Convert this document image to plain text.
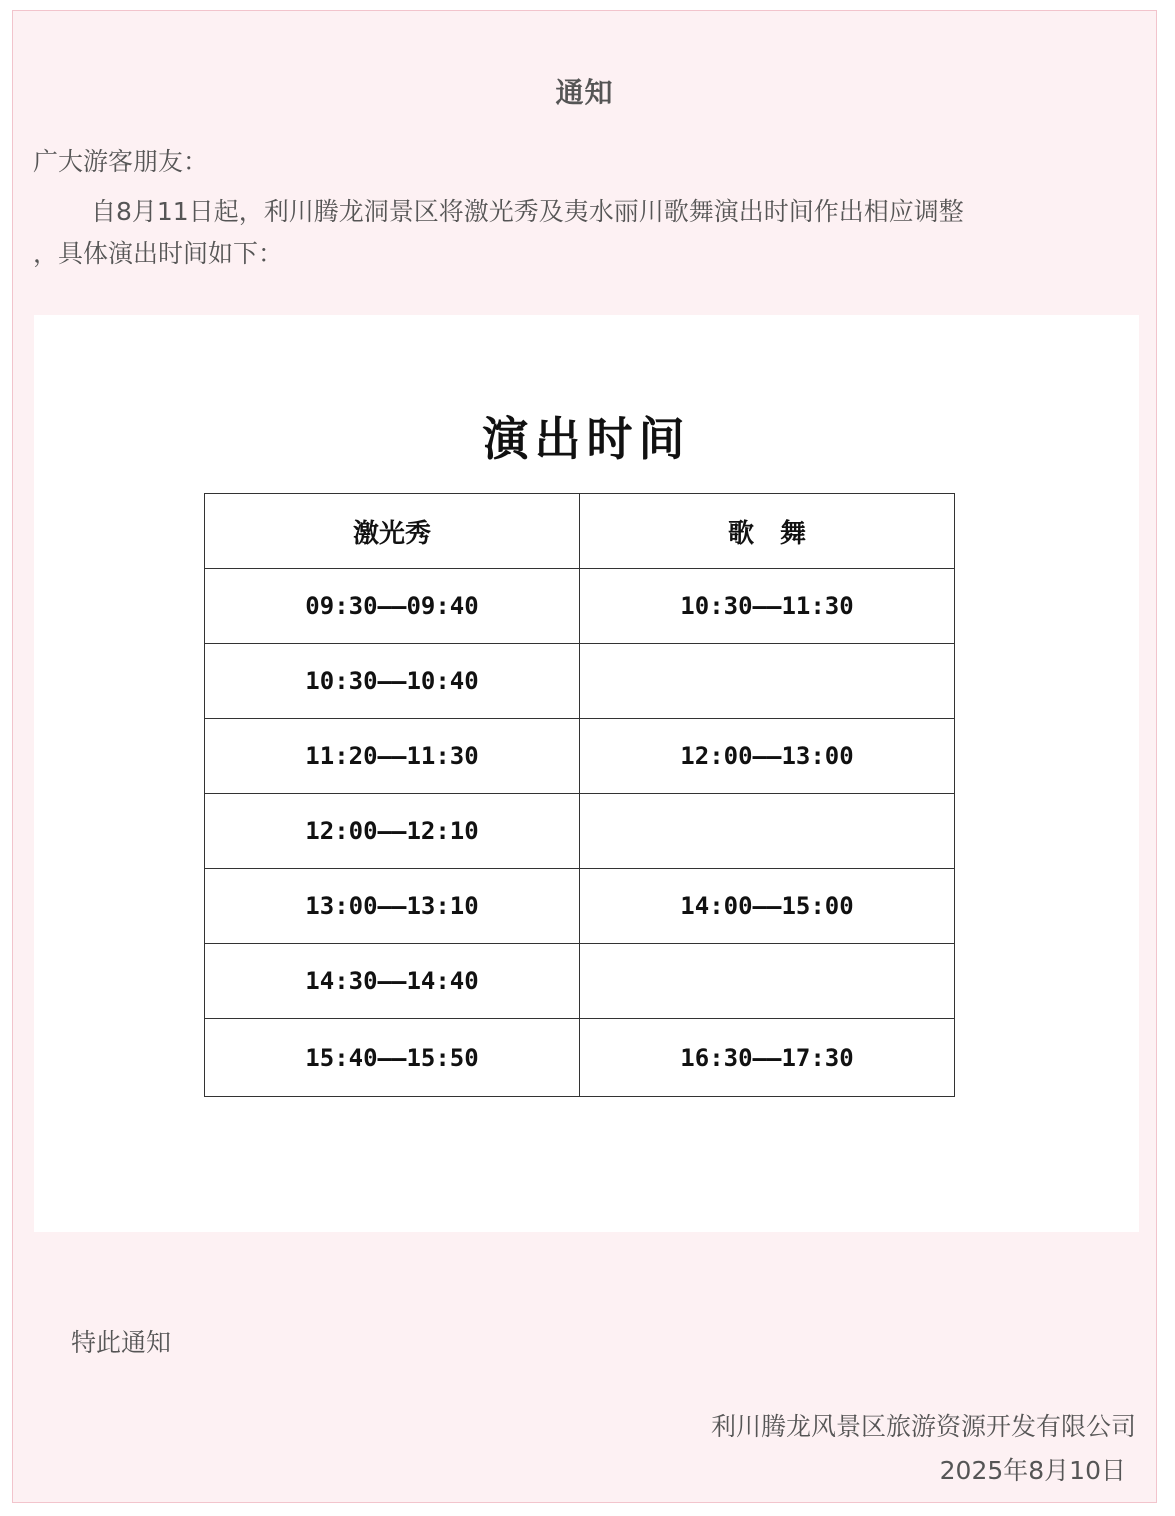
通知
广大游客朋友：
自8月11日起，利川腾龙洞景区将激光秀及夷水丽川歌舞演出时间作出相应调整
，具体演出时间如下：
演出时间
激光秀	歌　舞
09:30——09:40	10:30——11:30
10:30——10:40	
11:20——11:30	12:00——13:00
12:00——12:10	
13:00——13:10	14:00——15:00
14:30——14:40	
15:40——15:50	16:30——17:30
特此通知
利川腾龙风景区旅游资源开发有限公司
2025年8月10日
